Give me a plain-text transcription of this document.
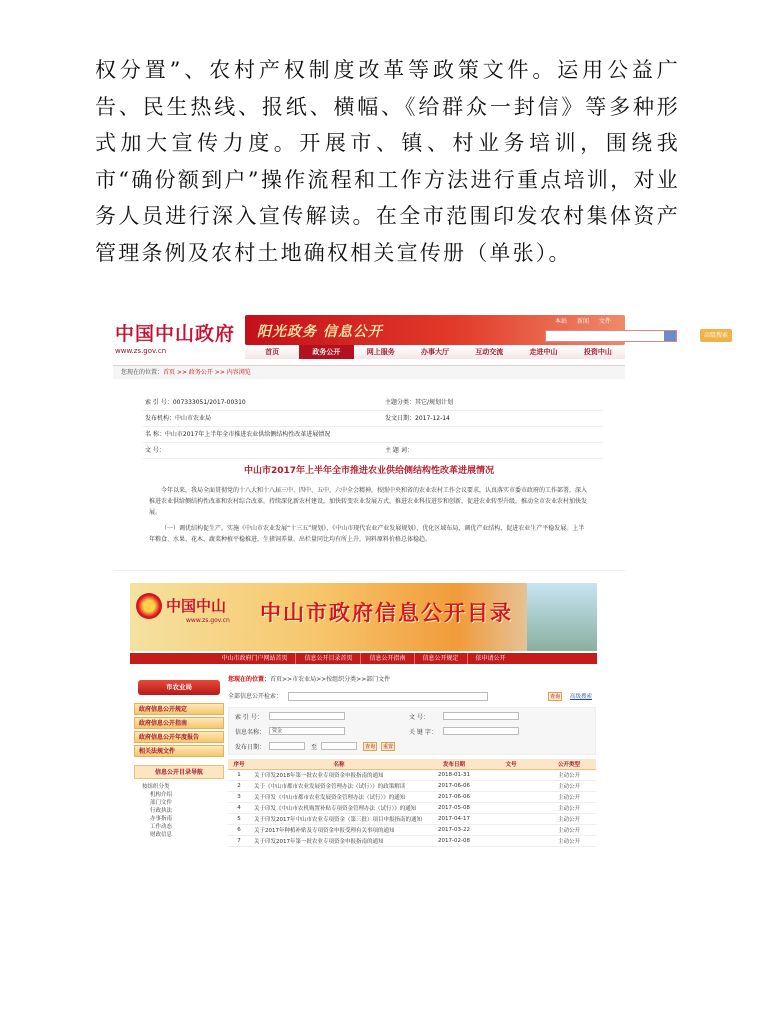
权分置”、农村产权制度改革等政策文件。运用公益广告、民生热线、报纸、横幅、《给群众一封信》等多种形式加大宣传力度。开展市、镇、村业务培训，围绕我市“确份额到户”操作流程和工作方法进行重点培训，对业务人员进行深入宣传解读。在全市范围印发农村集体资产管理条例及农村土地确权相关宣传册（单张）。

中国中山政府
www.zs.gov.cn
阳光政务 信息公开
本站 新闻 文件
高级搜索
首页	政务公开	网上服务	办事大厅	互动交流	走进中山	投资中山
您现在的位置：首页 >> 政务公开 >> 内容浏览
索 引 号：007333051/2017-00310	主题分类：其它/规划计划
发布机构：中山市农业局	发文日期：2017-12-14
名 称：中山市2017年上半年全市推进农业供给侧结构性改革进展情况
文 号：	主 题 词：
中山市2017年上半年全市推进农业供给侧结构性改革进展情况

今年以来，我局全面贯彻党的十八大和十八届三中、四中、五中、六中全会精神，按照中央和省的农业农村工作会议要求，认真落实市委市政府的工作部署，深入推进农业供给侧结构性改革和农村综合改革，持续深化新农村建设，加快转变农业发展方式，推进农业科技进步和创新，促进农业转型升级，推动全市农业农村加快发展。

（一）调优结构促生产。实施《中山市农业发展“十三五”规划》、《中山市现代农业产业发展规划》，优化区域布局，调优产业结构，促进农业生产平稳发展。上半年粮食、水果、花木、蔬菜种植平稳推进，生猪饲养量、出栏量同比均有所上升，饲料原料价格总体稳趋。

中国中山
www.zs.gov.cn 中山市政府信息公开目录
中山市政府门户网站首页	信息公开目录首页	信息公开指南	信息公开规定	依申请公开
市农业局
政府信息公开规定
政府信息公开指南
政府信息公开年度报告
相关法规文件
信息公开目录导航
按组织分类
机构介绍
部门文件
行政执法
办事指南
工作动态
财政信息
您现在的位置：首页>>市农业局>>按组织分类>>部门文件
全部信息公开检索：	查询	高级搜索
索 引 号：	文 号：
信息名称：	资金	关 键 字：
发布日期：	至	查询	重置
序号	名称	发布日期	文号	公开类型
1	关于印发2018年第一批农业专项资金申报指南的通知	2018-01-31		主动公开
2	关于《中山市都市农业发展资金管理办法（试行）》的政策解读	2017-06-06		主动公开
3	关于印发《中山市都市农业发展资金管理办法（试行）》的通知	2017-06-06		主动公开
4	关于印发《中山市农机购置补贴专项资金管理办法（试行）》的通知	2017-05-08		主动公开
5	关于印发2017年中山市农业专项资金（第三批）项目申报指南的通知	2017-04-17		主动公开
6	关于2017年种植补贴及专项资金申报受理有关事项的通知	2017-03-22		主动公开
7	关于印发2017年第一批农业专项资金申报指南的通知	2017-02-08		主动公开
